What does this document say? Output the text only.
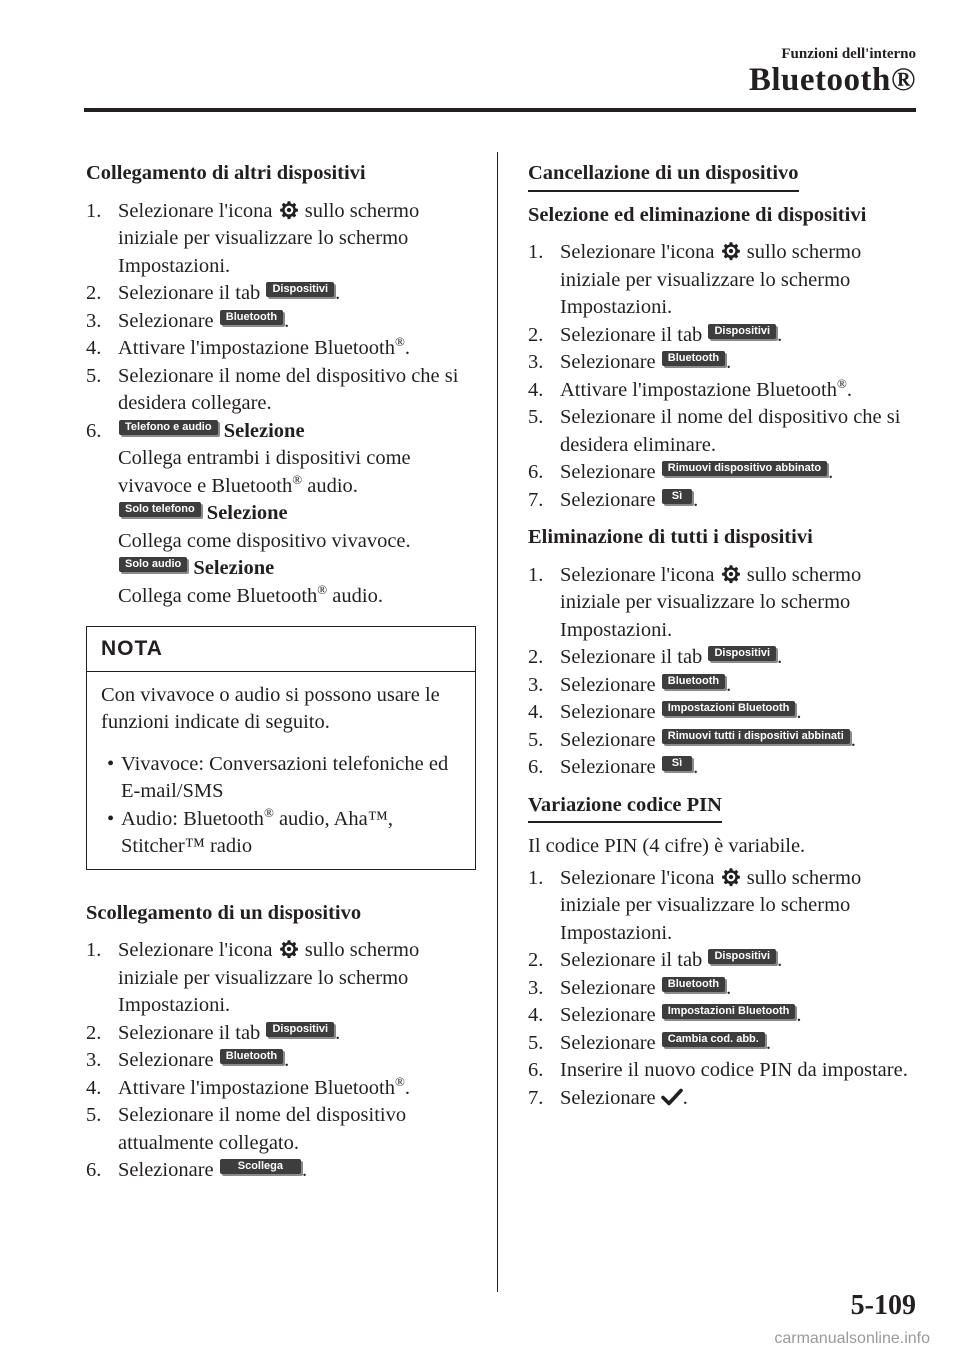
Funzioni dell'interno
Bluetooth®
Collegamento di altri dispositivi
1. Selezionare l'icona sullo schermo iniziale per visualizzare lo schermo Impostazioni.
2. Selezionare il tab Dispositivi .
3. Selezionare Bluetooth .
4. Attivare l'impostazione Bluetooth®.
5. Selezionare il nome del dispositivo che si desidera collegare.
6.	Telefono e audio Selezione
Collega entrambi i dispositivi come vivavoce e Bluetooth® audio.
Solo telefono Selezione
Collega come dispositivo vivavoce.
Solo audio Selezione
Collega come Bluetooth® audio.
NOTA
Con vivavoce o audio si possono usare le funzioni indicate di seguito.
• Vivavoce: Conversazioni telefoniche ed E-mail/SMS
• Audio: Bluetooth® audio, Aha™, Stitcher™ radio
Scollegamento di un dispositivo
1. Selezionare l'icona sullo schermo iniziale per visualizzare lo schermo Impostazioni.
2. Selezionare il tab Dispositivi .
3. Selezionare Bluetooth .
4. Attivare l'impostazione Bluetooth®.
5. Selezionare il nome del dispositivo attualmente collegato.
6. Selezionare Scollega .
Cancellazione di un dispositivo
Selezione ed eliminazione di dispositivi
1. Selezionare l'icona sullo schermo iniziale per visualizzare lo schermo Impostazioni.
2. Selezionare il tab Dispositivi .
3. Selezionare Bluetooth .
4. Attivare l'impostazione Bluetooth®.
5. Selezionare il nome del dispositivo che si desidera eliminare.
6. Selezionare Rimuovi dispositivo abbinato .
7. Selezionare Sì .
Eliminazione di tutti i dispositivi
1. Selezionare l'icona sullo schermo iniziale per visualizzare lo schermo Impostazioni.
2. Selezionare il tab Dispositivi .
3. Selezionare Bluetooth .
4. Selezionare Impostazioni Bluetooth .
5. Selezionare Rimuovi tutti i dispositivi abbinati .
6. Selezionare Sì .
Variazione codice PIN
Il codice PIN (4 cifre) è variabile.
1. Selezionare l'icona sullo schermo iniziale per visualizzare lo schermo Impostazioni.
2. Selezionare il tab Dispositivi .
3. Selezionare Bluetooth .
4. Selezionare Impostazioni Bluetooth .
5. Selezionare Cambia cod. abb. .
6. Inserire il nuovo codice PIN da impostare.
7. Selezionare .
5-109
carmanualsonline.info
